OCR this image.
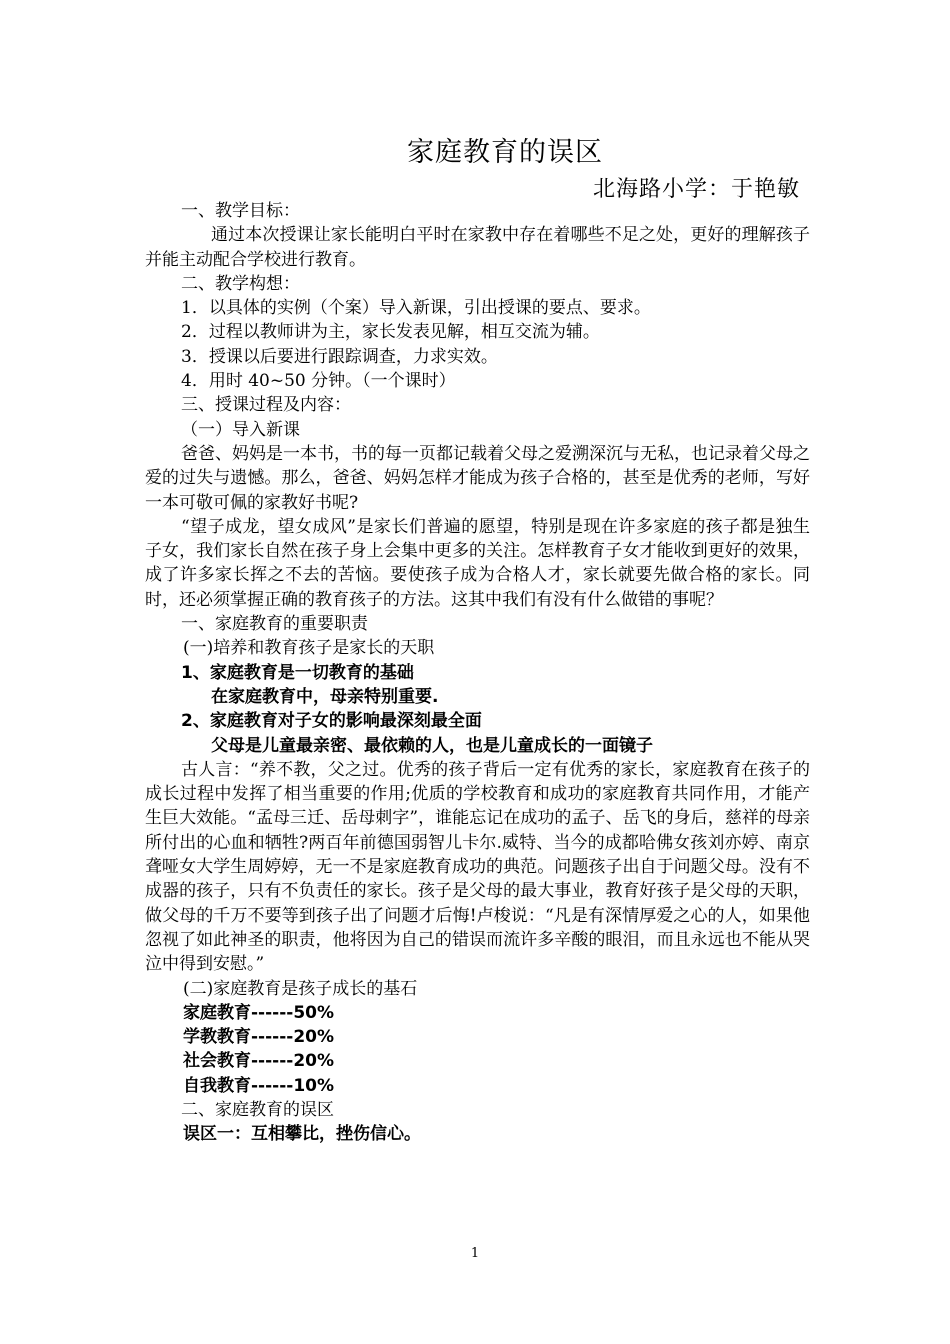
家庭教育的误区
北海路小学：于艳敏

一、教学目标：

通过本次授课让家长能明白平时在家教中存在着哪些不足之处，更好的理解孩子并能主动配合学校进行教育。

二、教学构想：

1．以具体的实例（个案）导入新课，引出授课的要点、要求。

2．过程以教师讲为主，家长发表见解，相互交流为辅。

3．授课以后要进行跟踪调查，力求实效。

4．用时 40~50 分钟。（一个课时）

三、授课过程及内容：

（一）导入新课

爸爸、妈妈是一本书，书的每一页都记载着父母之爱溯深沉与无私，也记录着父母之爱的过失与遗憾。那么，爸爸、妈妈怎样才能成为孩子合格的，甚至是优秀的老师，写好一本可敬可佩的家教好书呢?

“望子成龙，望女成风”是家长们普遍的愿望，特别是现在许多家庭的孩子都是独生子女，我们家长自然在孩子身上会集中更多的关注。怎样教育子女才能收到更好的效果，成了许多家长挥之不去的苦恼。要使孩子成为合格人才，家长就要先做合格的家长。同时，还必须掌握正确的教育孩子的方法。这其中我们有没有什么做错的事呢？

一、家庭教育的重要职责

(一)培养和教育孩子是家长的天职

1、家庭教育是一切教育的基础

在家庭教育中，母亲特别重要.

2、家庭教育对子女的影响最深刻最全面

父母是儿童最亲密、最依赖的人，也是儿童成长的一面镜子

古人言：“养不教，父之过。优秀的孩子背后一定有优秀的家长，家庭教育在孩子的成长过程中发挥了相当重要的作用;优质的学校教育和成功的家庭教育共同作用，才能产生巨大效能。“孟母三迁、岳母刺字”，谁能忘记在成功的孟子、岳飞的身后，慈祥的母亲所付出的心血和牺牲?两百年前德国弱智儿卡尔.威特、当今的成都哈佛女孩刘亦婷、南京聋哑女大学生周婷婷，无一不是家庭教育成功的典范。问题孩子出自于问题父母。没有不成器的孩子，只有不负责任的家长。孩子是父母的最大事业，教育好孩子是父母的天职，做父母的千万不要等到孩子出了问题才后悔!卢梭说：“凡是有深情厚爱之心的人，如果他忽视了如此神圣的职责，他将因为自己的错误而流许多辛酸的眼泪，而且永远也不能从哭泣中得到安慰。”

(二)家庭教育是孩子成长的基石

家庭教育------50%

学教教育------20%

社会教育------20%

自我教育------10%

二、家庭教育的误区

误区一：互相攀比，挫伤信心。

1
